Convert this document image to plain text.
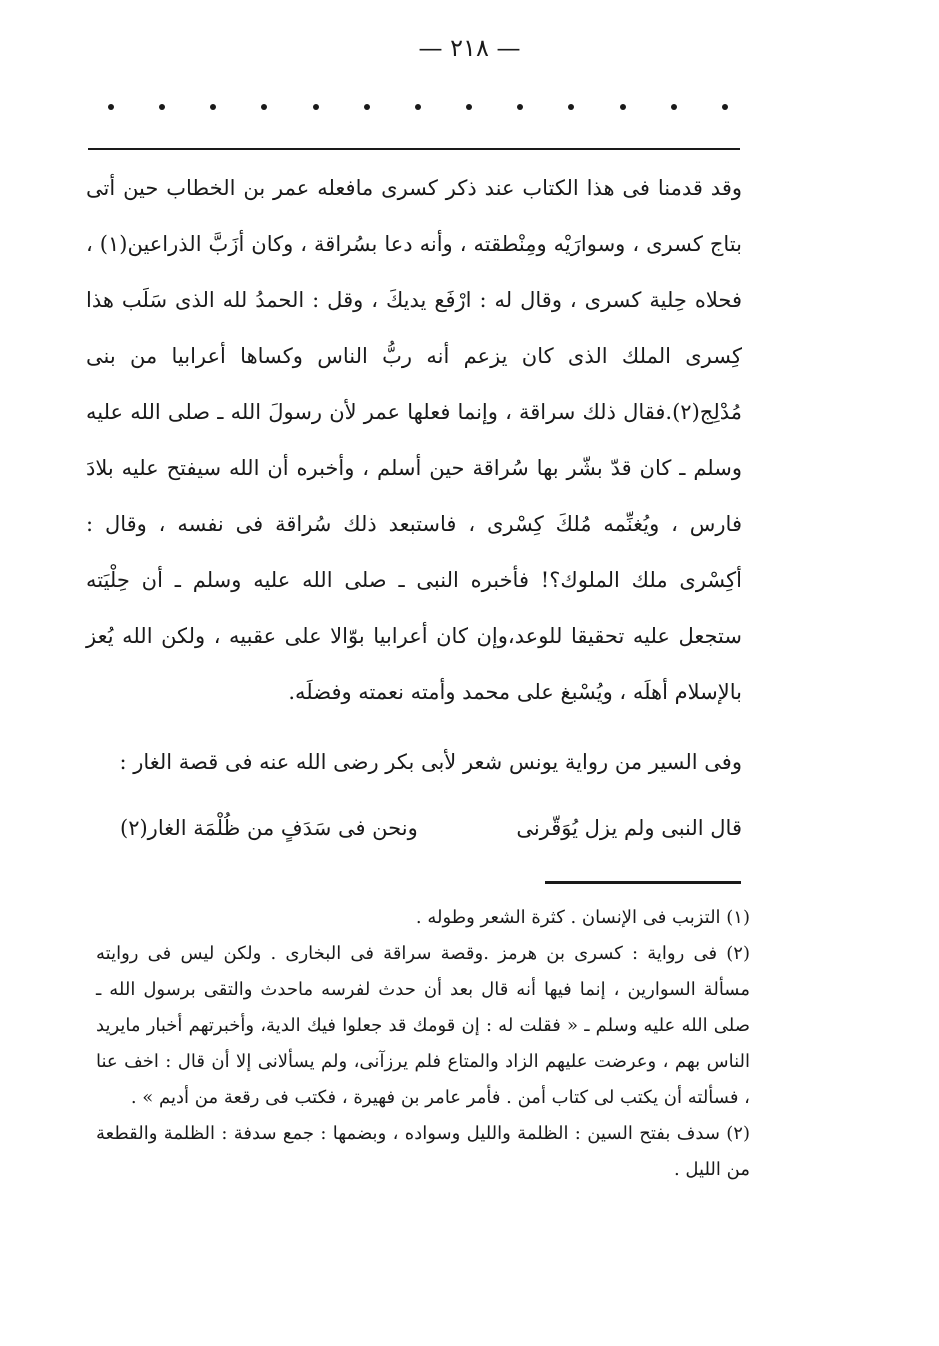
— ٢١٨ —

وقد قدمنا فى هذا الكتاب عند ذكر كسرى مافعله عمر بن الخطاب حين أتى بتاج كسرى ، وسوارَيْه ومِنْطقته ، وأنه دعا بسُراقة ، وكان أزَبَّ الذراعين(١) ، فحلاه حِلية كسرى ، وقال له : ارْفَع يديكَ ، وقل : الحمدُ لله الذى سَلَب هذا كِسرى الملك الذى كان يزعم أنه ربُّ الناس وكساها أعرابيا من بنى مُدْلِج(٢).فقال ذلك سراقة ، وإنما فعلها عمر لأن رسولَ الله ـ صلى الله عليه وسلم ـ كان قدّ بشّر بها سُراقة حين أسلم ، وأخبره أن الله سيفتح عليه بلادَ فارس ، ويُغنِّمه مُلكَ كِسْرى ، فاستبعد ذلك سُراقة فى نفسه ، وقال : أكِسْرى ملك الملوك؟! فأخبره النبى ـ صلى الله عليه وسلم ـ أن حِلْيَته ستجعل عليه تحقيقا للوعد،وإن كان أعرابيا بوّالا على عقبيه ، ولكن الله يُعز بالإسلام أهلَه ، ويُسْبغ على محمد وأمته نعمته وفضلَه.

وفى السير من رواية يونس شعر لأبى بكر رضى الله عنه فى قصة الغار :
قال النبى ولم يزل يُوَقّرنى
ونحن فى سَدَفٍ من ظُلْمَة الغار(٢)

(١) التزبب فى الإنسان . كثرة الشعر وطوله .

(٢) فى رواية : كسرى بن هرمز .وقصة سراقة فى البخارى . ولكن ليس فى روايته مسألة السوارين ، إنما فيها أنه قال بعد أن حدث لفرسه ماحدث والتقى برسول الله ـ صلى الله عليه وسلم ـ « فقلت له : إن قومك قد جعلوا فيك الدية، وأخبرتهم أخبار مايريد الناس بهم ، وعرضت عليهم الزاد والمتاع فلم يرزآنى، ولم يسألانى إلا أن قال : اخف عنا ، فسألته أن يكتب لى كتاب أمن . فأمر عامر بن فهيرة ، فكتب فى رقعة من أديم » .

(٢) سدف بفتح السين : الظلمة والليل وسواده ، وبضمها : جمع سدفة : الظلمة والقطعة من الليل .
